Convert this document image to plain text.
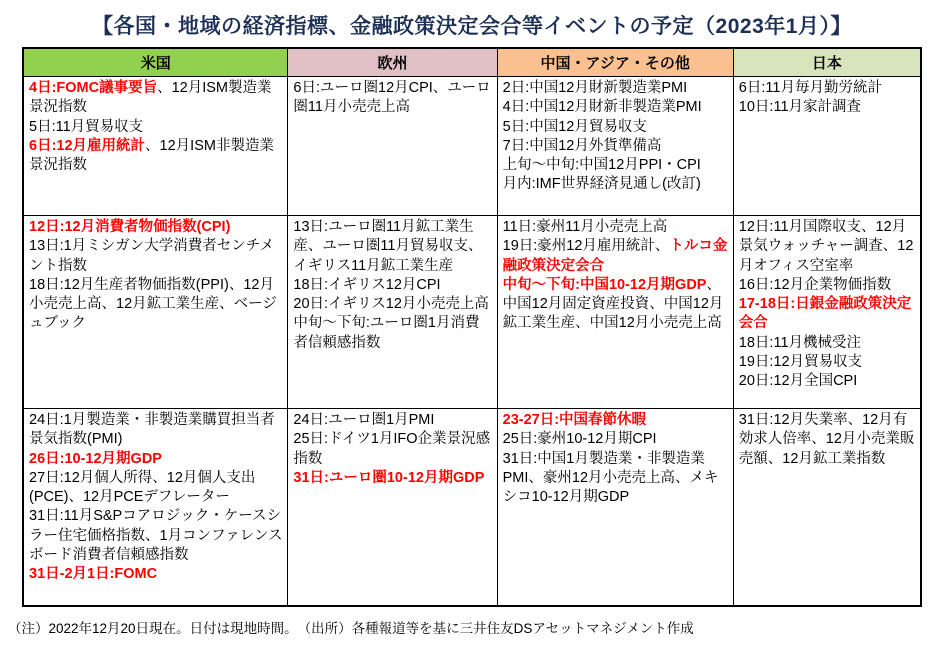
【各国・地域の経済指標、金融政策決定会合等イベントの予定（2023年1月）】
米国	欧州	中国・アジア・その他	日本

4日:FOMC議事要旨、12月ISM製造業景況指数
5日:11月貿易収支
6日:12月雇用統計、12月ISM非製造業景況指数

6日:ユーロ圏12月CPI、ユーロ圏11月小売売上高

2日:中国12月財新製造業PMI
4日:中国12月財新非製造業PMI
5日:中国12月貿易収支
7日:中国12月外貨準備高
上旬～中旬:中国12月PPI・CPI
月内:IMF世界経済見通し(改訂)

6日:11月毎月勤労統計
10日:11月家計調査

12日:12月消費者物価指数(CPI)
13日:1月ミシガン大学消費者センチメント指数
18日:12月生産者物価指数(PPI)、12月小売売上高、12月鉱工業生産、ベージュブック

13日:ユーロ圏11月鉱工業生産、ユーロ圏11月貿易収支、イギリス11月鉱工業生産
18日:イギリス12月CPI
20日:イギリス12月小売売上高
中旬～下旬:ユーロ圏1月消費者信頼感指数

11日:豪州11月小売売上高
19日:豪州12月雇用統計、トルコ金融政策決定会合
中旬～下旬:中国10-12月期GDP、中国12月固定資産投資、中国12月鉱工業生産、中国12月小売売上高

12日:11月国際収支、12月景気ウォッチャー調査、12月オフィス空室率
16日:12月企業物価指数
17-18日:日銀金融政策決定会合
18日:11月機械受注
19日:12月貿易収支
20日:12月全国CPI

24日:1月製造業・非製造業購買担当者景気指数(PMI)
26日:10-12月期GDP
27日:12月個人所得、12月個人支出(PCE)、12月PCEデフレーター
31日:11月S&Pコアロジック・ケースシラー住宅価格指数、1月コンファレンスボード消費者信頼感指数
31日-2月1日:FOMC

24日:ユーロ圏1月PMI
25日:ドイツ1月IFO企業景況感指数
31日:ユーロ圏10-12月期GDP

23-27日:中国春節休暇
25日:豪州10-12月期CPI
31日:中国1月製造業・非製造業PMI、豪州12月小売売上高、メキシコ10-12月期GDP

31日:12月失業率、12月有効求人倍率、12月小売業販売額、12月鉱工業指数
（注）2022年12月20日現在。日付は現地時間。　（出所）各種報道等を基に三井住友DSアセットマネジメント作成
